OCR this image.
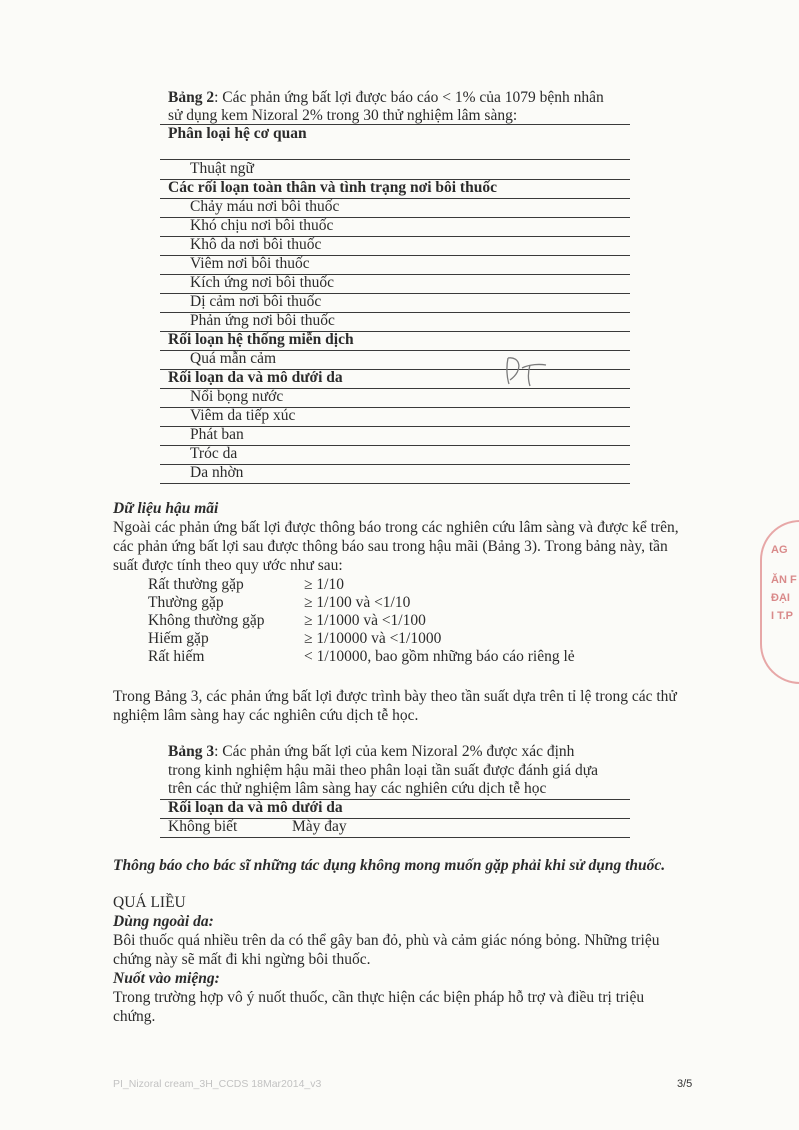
Bảng 2: Các phản ứng bất lợi được báo cáo < 1% của 1079 bệnh nhân
sử dụng kem Nizoral 2% trong 30 thử nghiệm lâm sàng:
Phân loại hệ cơ quan
Thuật ngữ
Các rối loạn toàn thân và tình trạng nơi bôi thuốc
Chảy máu nơi bôi thuốc
Khó chịu nơi bôi thuốc
Khô da nơi bôi thuốc
Viêm nơi bôi thuốc
Kích ứng nơi bôi thuốc
Dị cảm nơi bôi thuốc
Phản ứng nơi bôi thuốc
Rối loạn hệ thống miễn dịch
Quá mẫn cảm
Rối loạn da và mô dưới da
Nổi bọng nước
Viêm da tiếp xúc
Phát ban
Tróc da
Da nhờn
Dữ liệu hậu mãi
Ngoài các phản ứng bất lợi được thông báo trong các nghiên cứu lâm sàng và được kể trên,
các phản ứng bất lợi sau được thông báo sau trong hậu mãi (Bảng 3). Trong bảng này, tần
suất được tính theo quy ước như sau:
Rất thường gặp	≥ 1/10
Thường gặp	≥ 1/100 và <1/10
Không thường gặp	≥ 1/1000 và <1/100
Hiếm gặp	≥ 1/10000 và <1/1000
Rất hiếm	< 1/10000, bao gồm những báo cáo riêng lẻ
Trong Bảng 3, các phản ứng bất lợi được trình bày theo tần suất dựa trên tỉ lệ trong các thử
nghiệm lâm sàng hay các nghiên cứu dịch tễ học.
Bảng 3: Các phản ứng bất lợi của kem Nizoral 2% được xác định
trong kinh nghiệm hậu mãi theo phân loại tần suất được đánh giá dựa
trên các thử nghiệm lâm sàng hay các nghiên cứu dịch tễ học
Rối loạn da và mô dưới da
Không biết	Mày đay
Thông báo cho bác sĩ những tác dụng không mong muốn gặp phải khi sử dụng thuốc.
QUÁ LIỀU
Dùng ngoài da:
Bôi thuốc quá nhiều trên da có thể gây ban đỏ, phù và cảm giác nóng bỏng. Những triệu
chứng này sẽ mất đi khi ngừng bôi thuốc.
Nuốt vào miệng:
Trong trường hợp vô ý nuốt thuốc, cần thực hiện các biện pháp hỗ trợ và điều trị triệu
chứng.
AG
ĂN F
ĐẠI
I T.P
PI_Nizoral cream_3H_CCDS 18Mar2014_v3	3/5
